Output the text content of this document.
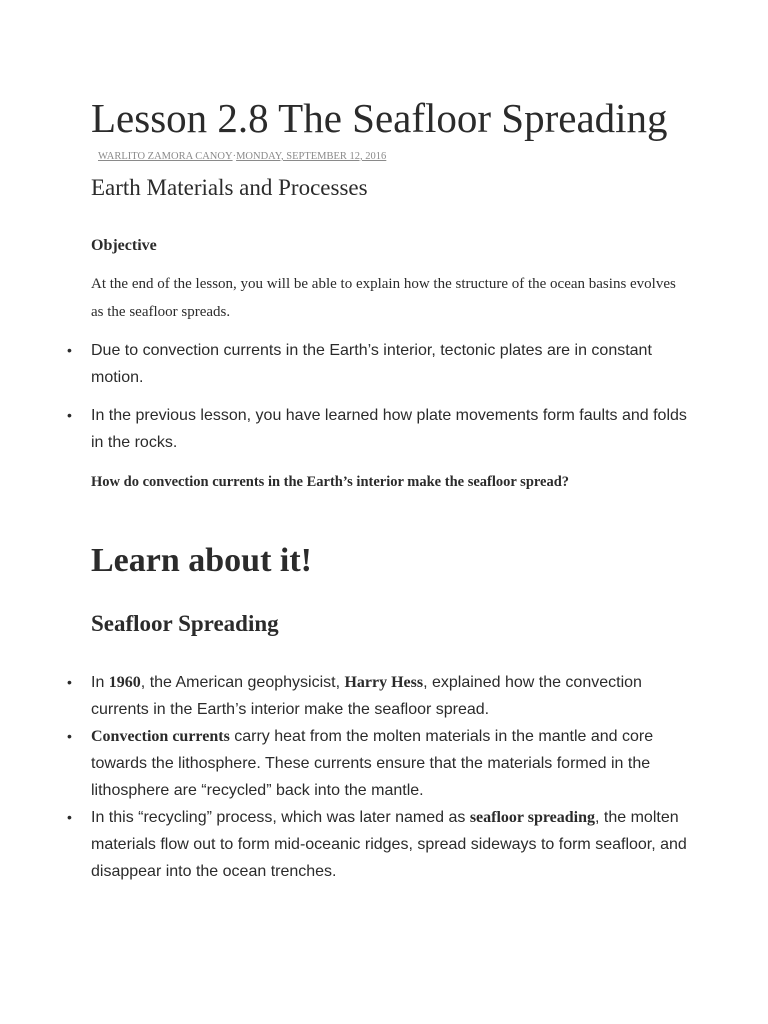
Lesson 2.8 The Seafloor Spreading
WARLITO ZAMORA CANOY·MONDAY, SEPTEMBER 12, 2016
Earth Materials and Processes
Objective

At the end of the lesson, you will be able to explain how the structure of the ocean basins evolves as the seafloor spreads.

• Due to convection currents in the Earth’s interior, tectonic plates are in constant motion.
• In the previous lesson, you have learned how plate movements form faults and folds in the rocks.
How do convection currents in the Earth’s interior make the seafloor spread?
Learn about it!
Seafloor Spreading
• In 1960, the American geophysicist, Harry Hess, explained how the convection currents in the Earth’s interior make the seafloor spread.
• Convection currents carry heat from the molten materials in the mantle and core towards the lithosphere. These currents ensure that the materials formed in the lithosphere are “recycled” back into the mantle.
• In this “recycling” process, which was later named as seafloor spreading, the molten materials flow out to form mid-oceanic ridges, spread sideways to form seafloor, and disappear into the ocean trenches.
